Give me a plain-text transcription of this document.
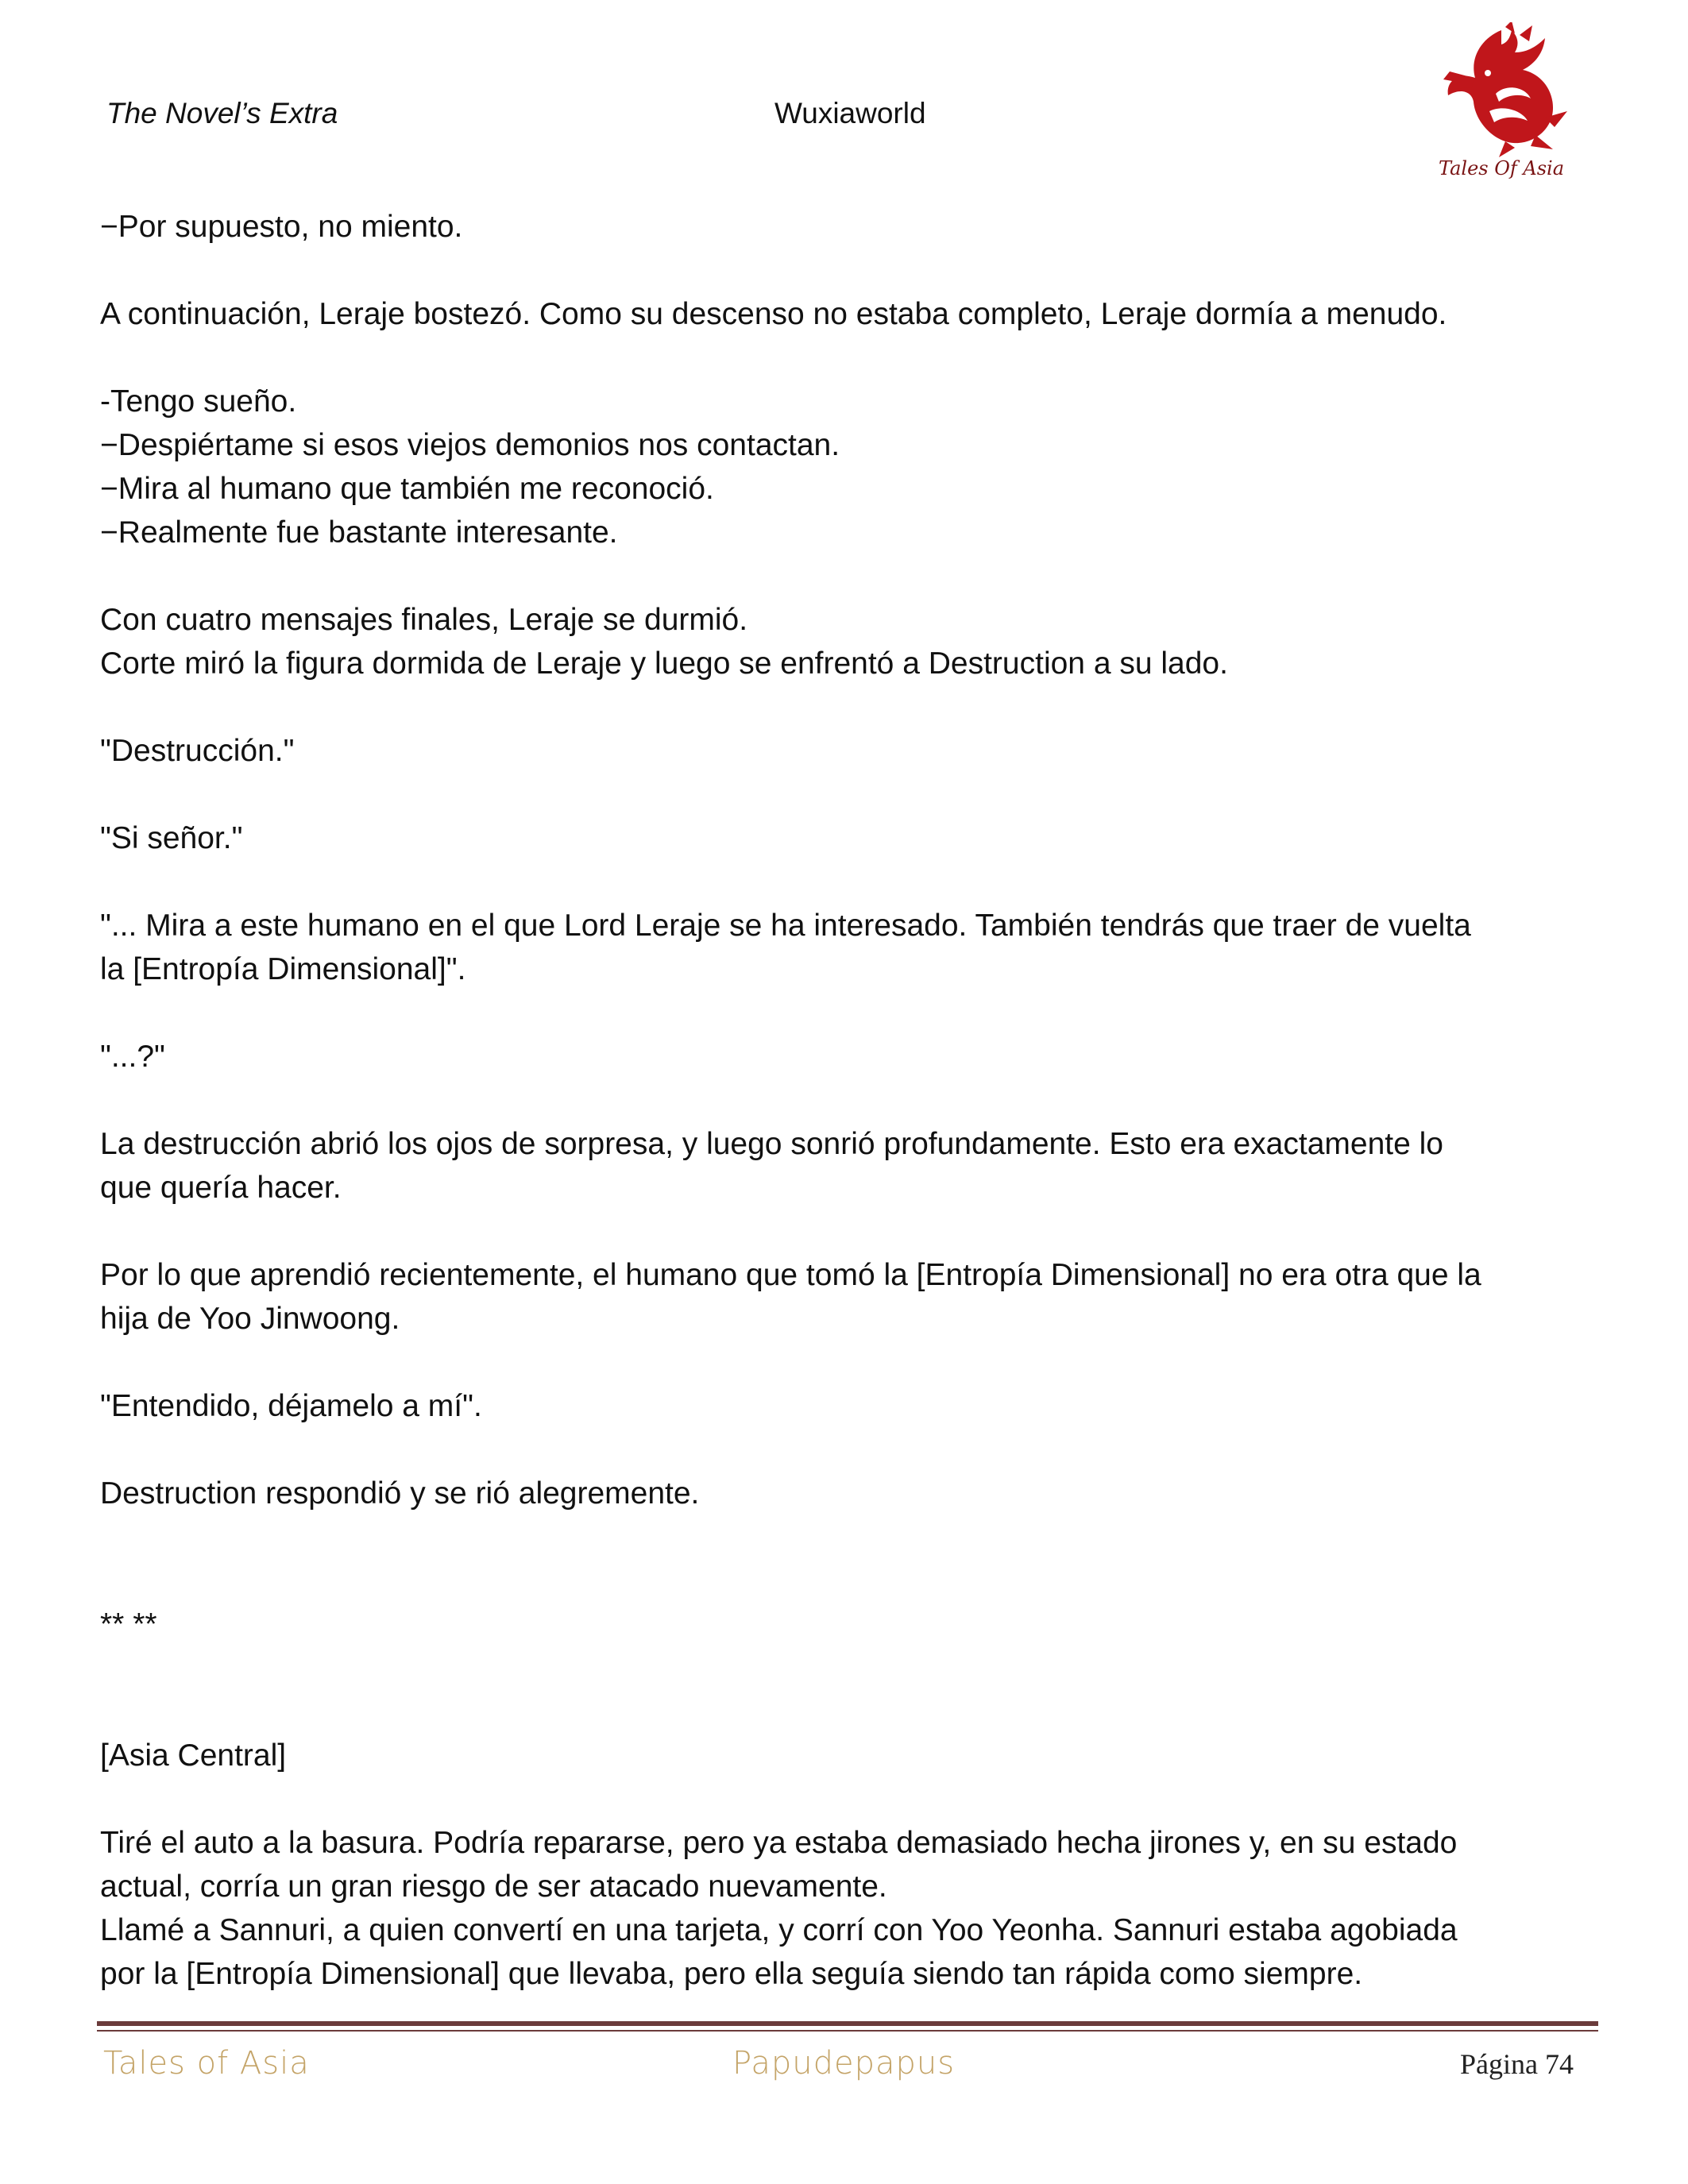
The Novel’s Extra	Wuxiaworld
Tales Of Asia
−Por supuesto, no miento.
A continuación, Leraje bostezó. Como su descenso no estaba completo, Leraje dormía a menudo.
-Tengo sueño.
−Despiértame si esos viejos demonios nos contactan.
−Mira al humano que también me reconoció.
−Realmente fue bastante interesante.
Con cuatro mensajes finales, Leraje se durmió.
Corte miró la figura dormida de Leraje y luego se enfrentó a Destruction a su lado.
"Destrucción."
"Si señor."
"... Mira a este humano en el que Lord Leraje se ha interesado. También tendrás que traer de vuelta
la [Entropía Dimensional]".
"...?"
La destrucción abrió los ojos de sorpresa, y luego sonrió profundamente. Esto era exactamente lo
que quería hacer.
Por lo que aprendió recientemente, el humano que tomó la [Entropía Dimensional] no era otra que la
hija de Yoo Jinwoong.
"Entendido, déjamelo a mí".
Destruction respondió y se rió alegremente.
** **
[Asia Central]
Tiré el auto a la basura. Podría repararse, pero ya estaba demasiado hecha jirones y, en su estado
actual, corría un gran riesgo de ser atacado nuevamente.
Llamé a Sannuri, a quien convertí en una tarjeta, y corrí con Yoo Yeonha. Sannuri estaba agobiada
por la [Entropía Dimensional] que llevaba, pero ella seguía siendo tan rápida como siempre.
Tales of Asia	Papudepapus	Página 74
